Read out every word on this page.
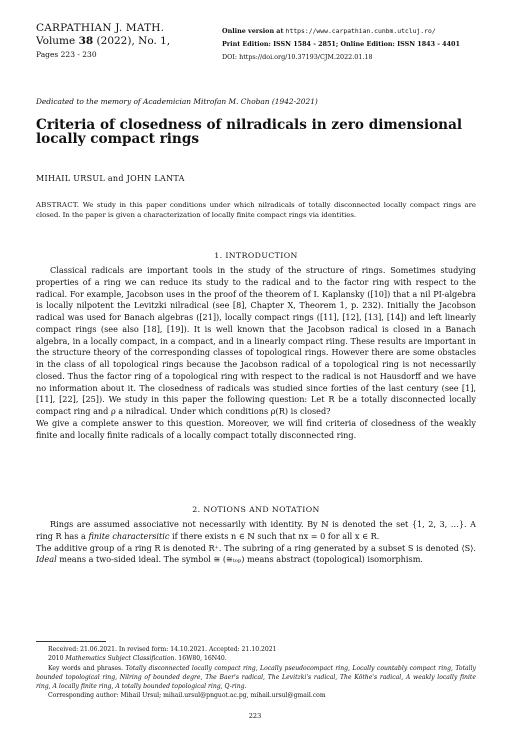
CARPATHIAN J. MATH.
Volume 38 (2022), No. 1,
Pages 223 - 230
Online version at https://www.carpathian.cunbm.utcluj.ro/
Print Edition: ISSN 1584 - 2851; Online Edition: ISSN 1843 - 4401
DOI: https://doi.org/10.37193/CJM.2022.01.18
Dedicated to the memory of Academician Mitrofan M. Choban (1942-2021)
Criteria of closedness of nilradicals in zero dimensional locally compact rings
MIHAIL URSUL and JOHN LANTA
ABSTRACT. We study in this paper conditions under which nilradicals of totally disconnected locally compact rings are closed. In the paper is given a characterization of locally finite compact rings via identities.
1. INTRODUCTION

Classical radicals are important tools in the study of the structure of rings. Sometimes studying properties of a ring we can reduce its study to the radical and to the factor ring with respect to the radical. For example, Jacobson uses in the proof of the theorem of I. Kaplansky ([10]) that a nil PI-algebra is locally nilpotent the Levitzki nilradical (see [8], Chapter X, Theorem 1, p. 232). Initially the Jacobson radical was used for Banach algebras ([21]), locally compact rings ([11], [12], [13], [14]) and left linearly compact rings (see also [18], [19]). It is well known that the Jacobson radical is closed in a Banach algebra, in a locally compact, in a compact, and in a linearly compact riing. These results are important in the structure theory of the corresponding classes of topological rings. However there are some obstacles in the class of all topological rings because the Jacobson radical of a topological ring is not necessarily closed. Thus the factor ring of a topological ring with respect to the radical is not Hausdorff and we have no information about it. The closedness of radicals was studied since forties of the last century (see [1], [11], [22], [25]). We study in this paper the following question: Let R be a totally disconnected locally compact ring and ρ a nilradical. Under which conditions ρ(R) is closed?

We give a complete answer to this question. Moreover, we will find criteria of closedness of the weakly finite and locally finite radicals of a locally compact totally disconnected ring.

2. NOTIONS AND NOTATION

Rings are assumed associative not necessarily with identity. By ℕ is denoted the set {1, 2, 3, …}. A ring R has a finite charactersitic if there exists n ∈ ℕ such that nx = 0 for all x ∈ R.

The additive group of a ring R is denoted R⁺. The subring of a ring generated by a subset S is denoted ⟨S⟩. Ideal means a two-sided ideal. The symbol ≅ (≅ₜₒₚ) means abstract (topological) isomorphism.

Received: 21.06.2021. In revised form: 14.10.2021. Accepted: 21.10.2021

2010 Mathematics Subject Classification. 16W80, 16N40.

Key words and phrases. Totally disconnected locally compact ring, Locally pseudocompact ring, Locally countably compact ring, Totally bounded topological ring, Nilring of bounded degre, The Baer's radical, The Levitzki's radical, The Köthe's radical, A weakly locally finite ring, A locally finite ring, A totally bounded topological ring, Q-ring.

Corresponding author: Mihail Ursul; mihail.ursul@pnguot.ac.pg, mihail.ursul@gmail.com

223
